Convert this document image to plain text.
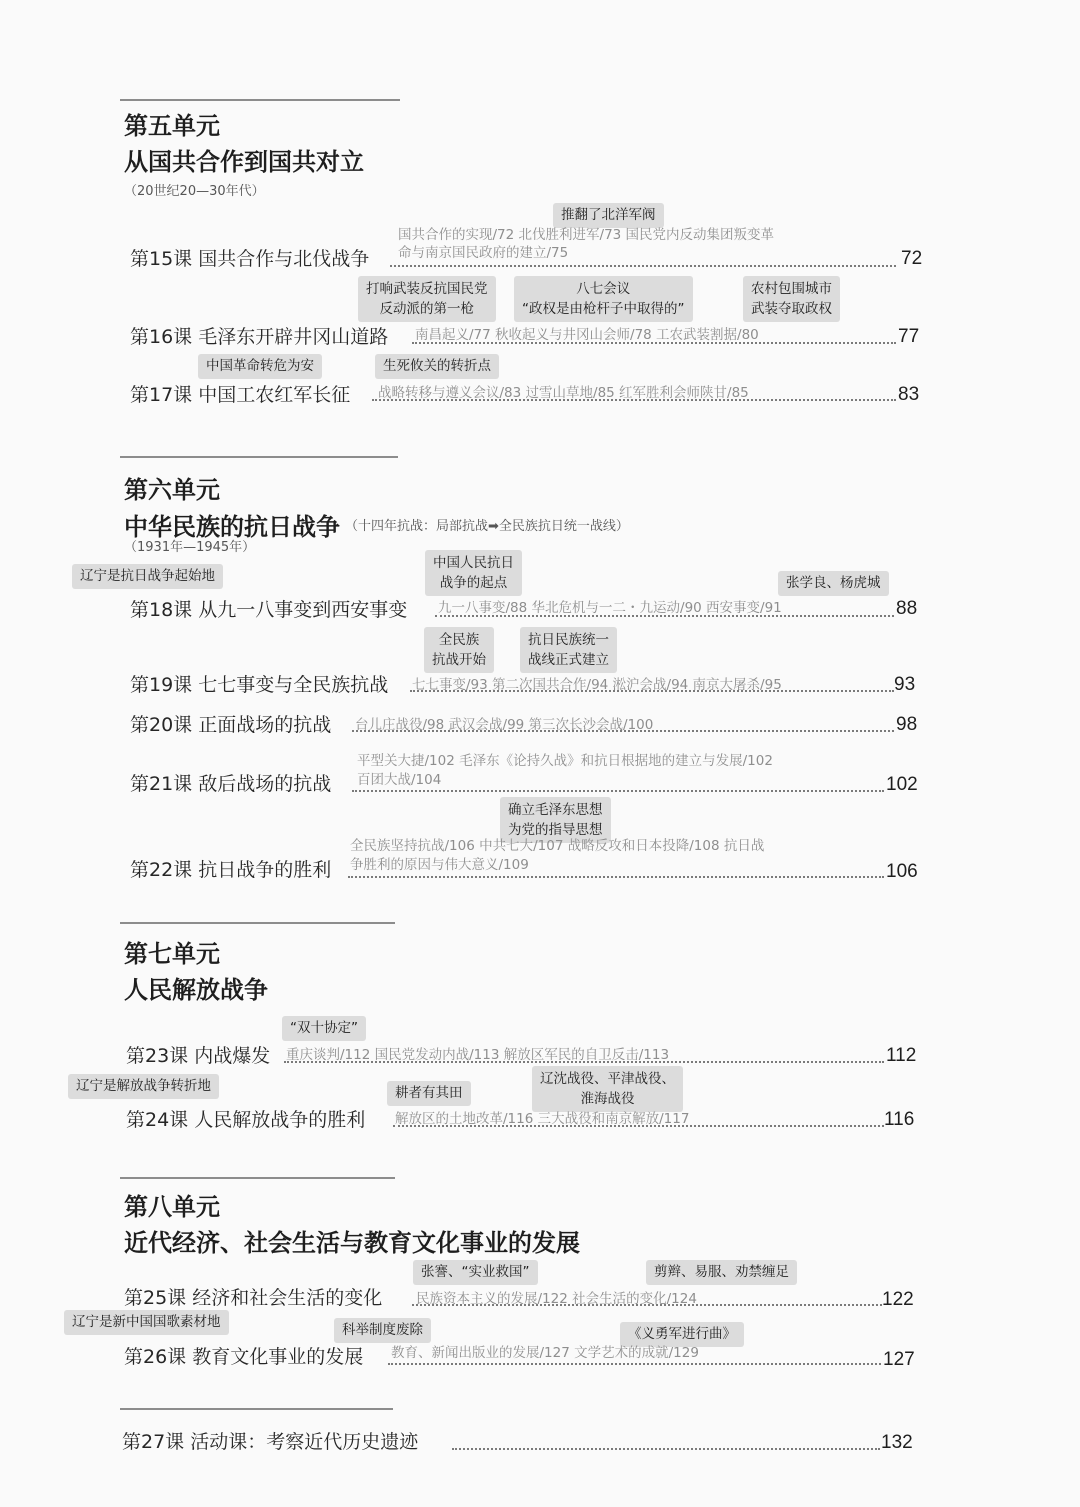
第五单元
从国共合作到国共对立
（20世纪20—30年代）
推翻了北洋军阀
国共合作的实现/72 北伐胜利进军/73 国民党内反动集团叛变革
命与南京国民政府的建立/75
第15课 国共合作与北伐战争	72
打响武装反抗国民党
反动派的第一枪
八七会议
“政权是由枪杆子中取得的”
农村包围城市
武装夺取政权
南昌起义/77 秋收起义与井冈山会师/78 工农武装割据/80
第16课 毛泽东开辟井冈山道路	77
中国革命转危为安	生死攸关的转折点
战略转移与遵义会议/83 过雪山草地/85 红军胜利会师陕甘/85
第17课 中国工农红军长征	83
第六单元
中华民族的抗日战争 （十四年抗战：局部抗战➡全民族抗日统一战线）
（1931年—1945年）
中国人民抗日
战争的起点
辽宁是抗日战争起始地	张学良、杨虎城
九一八事变/88 华北危机与一二・九运动/90 西安事变/91
第18课 从九一八事变到西安事变	88
全民族
抗战开始
抗日民族统一
战线正式建立
七七事变/93 第二次国共合作/94 淞沪会战/94 南京大屠杀/95
第19课 七七事变与全民族抗战	93
台儿庄战役/98 武汉会战/99 第三次长沙会战/100
第20课 正面战场的抗战	98
平型关大捷/102 毛泽东《论持久战》和抗日根据地的建立与发展/102
百团大战/104
第21课 敌后战场的抗战	102
确立毛泽东思想
为党的指导思想
全民族坚持抗战/106 中共七大/107 战略反攻和日本投降/108 抗日战
争胜利的原因与伟大意义/109
第22课 抗日战争的胜利	106
第七单元
人民解放战争
“双十协定”
重庆谈判/112 国民党发动内战/113 解放区军民的自卫反击/113
第23课 内战爆发	112
辽宁是解放战争转折地	耕者有其田
辽沈战役、平津战役、
淮海战役
解放区的土地改革/116 三大战役和南京解放/117
第24课 人民解放战争的胜利	116
第八单元
近代经济、社会生活与教育文化事业的发展
张謇、“实业救国”	剪辫、易服、劝禁缠足
民族资本主义的发展/122 社会生活的变化/124
第25课 经济和社会生活的变化	122
辽宁是新中国国歌素材地	科举制度废除	《义勇军进行曲》
教育、新闻出版业的发展/127 文学艺术的成就/129
第26课 教育文化事业的发展	127
第27课 活动课：考察近代历史遗迹	132
